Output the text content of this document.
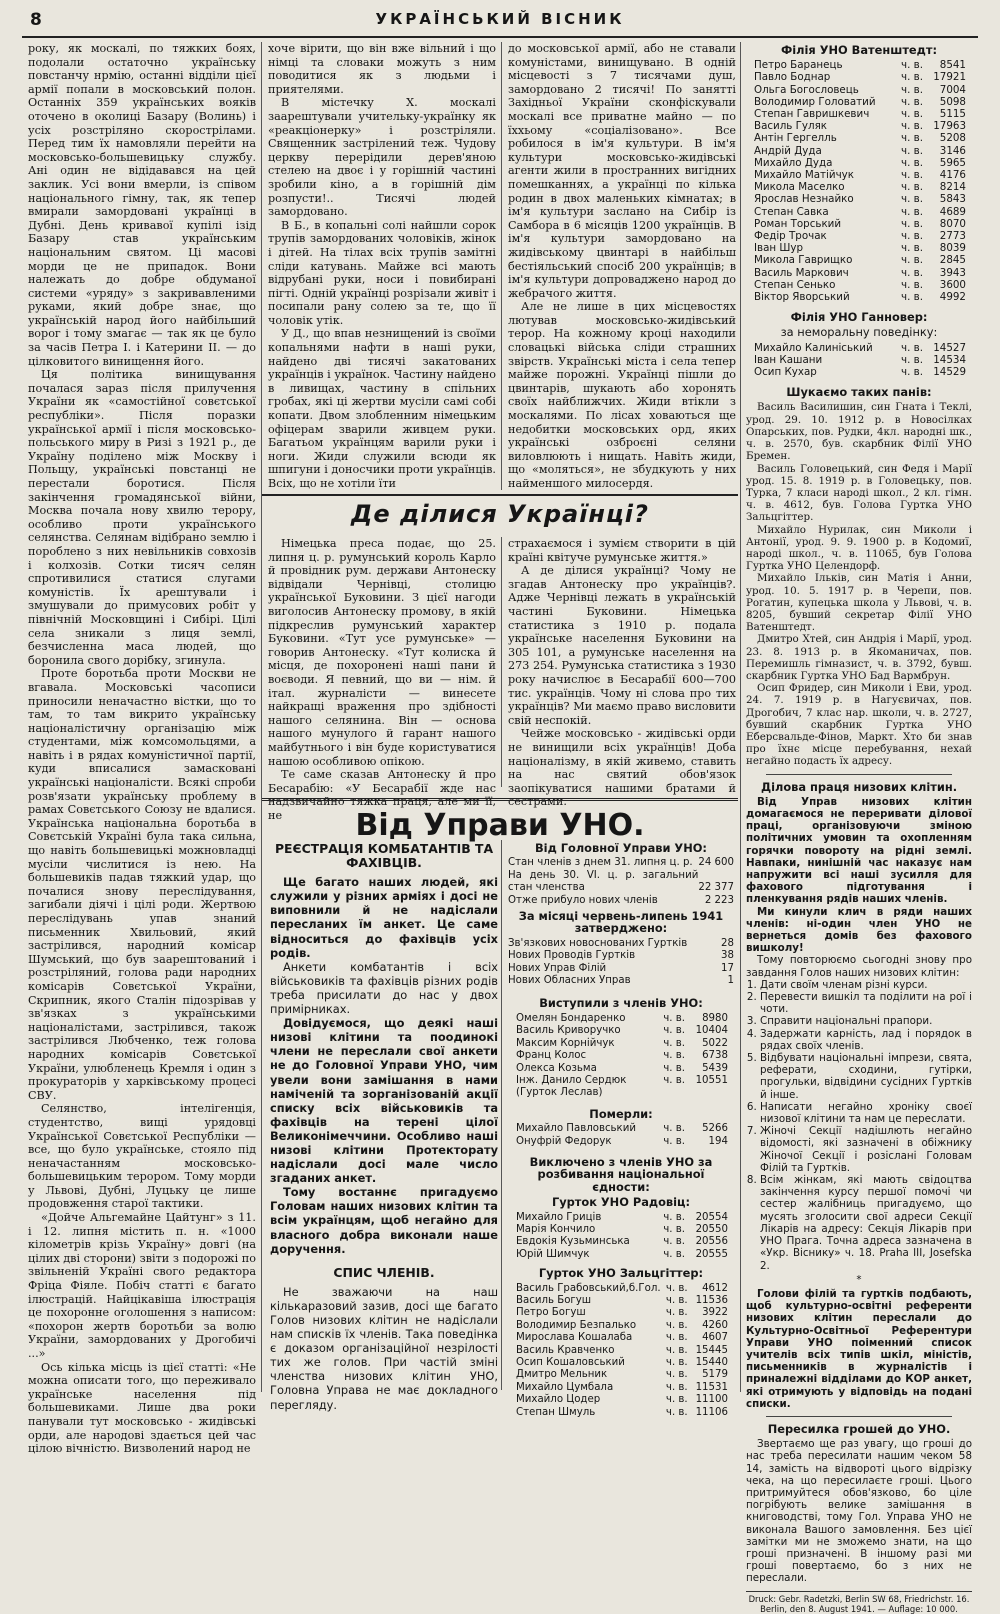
8	УКРАЇНСЬКИЙ ВІСНИК

року, як москалі, по тяжких боях, подолали остаточно українську повстанчу нрмію, останні відділи цієї армії попали в московський полон. Останніх 359 українських вояків оточено в околиці Базару (Волинь) і усіх розстріляно скорострілами. Перед тим їх намовляли перейти на московсько-большевицьку службу. Ані один не відідавався на цей заклик. Усі вони вмерли, із співом національного гімну, так, як тепер вмирали замордовані українці в Дубні. День кривавої купілі ізід Базару став українським національним святом. Ці масові морди це не припадок. Вони належать до добре обдуманої системи «уряду» з закривавленими руками, який добре знає, що українській народ його найбільший ворог і тому змагає — так як це було за часів Петра І. і Катерини II. — до цілковитого винищення його.

Ця політика винищування почалася зараз після прилучення України як «самостійної совєтської республіки». Після поразки української армії і після московсько-польського миру в Ризі з 1921 р., де Україну поділено між Москву і Польщу, українські повстанці не перестали боротися. Після закінчення громадянської війни, Москва почала нову хвилю терору, особливо проти українського селянства. Селянам відібрано землю і пороблено з них невільників совхозів і колхозів. Сотки тисяч селян спротивилися статися слугами комуністів. Їх арештували і змушували до примусових робіт у північній Московщині і Сибірі. Цілі села зникали з лиця землі, безчисленна маса людей, що боронила свого дорібку, згинула.

Проте боротьба проти Москви не вгавала. Московські часописи приносили неначастно вістки, що то там, то там викрито українську націоналістичну організацію між студентами, між комсомольцями, а навіть і в рядах комуністичної партії, куди вписалися замасковані українські націоналісти. Всякі спроби розв'язати українську проблему в рамах Совєтського Союзу не вдалися. Українська національна боротьба в Совєтській Україні була така сильна, що навіть большевицькі можновладці мусіли числитися із нею. На большевиків падав тяжкий удар, що почалися знову переслідування, загибали діячі і цілі роди. Жертвою переслідувань упав знаний письменник Хвильовий, який застрілився, народний комісар Шумський, що був заарештований і розстріляний, голова ради народних комісарів Совєтської України, Скрипник, якого Сталін підозрівав у зв'язках з українськими націоналістами, застрілився, також застрілився Любченко, теж голова народних комісарів Совєтської України, улюбленець Кремля і один з прокураторів у харківському процесі СВУ.

Селянство, інтелігенція, студентство, вищі урядовці Української Совєтської Республіки — все, що було українське, стояло під неначастанням московсько-большевицьким терором. Тому морди у Львові, Дубні, Луцьку це лише продовження старої тактики.

«Дойче Альгемайне Цайтунг» з 11. і 12. липня містить п. н. «1000 кілометрів крізь Україну» довгі (на цілих дві сторони) звіти з подорожі по звільненій Україні свого редактора Фріца Фіяле. Побіч статті є багато ілюстрацій. Найцікавіша ілюстрація це похоронне оголошення з написом: «похорон жертв боротьби за волю України, замордованих у Дрогобичі ...»

Ось кілька місць із цієї статті: «Не можна описати того, що переживало українське населення під большевиками. Лише два роки панували тут московсько - жидівські орди, але народові здається цей час цілою вічністю. Визволений народ не

хоче вірити, що він вже вільний і що німці та словаки можуть з ним поводитися як з людьми і приятелями.

В містечку Х. москалі заарештували учительку-українку як «реакціонерку» і розстріляли. Священник застрілений теж. Чудову церкву перерідили дерев'яною стелею на двоє і у горішній частині зробили кіно, а в горішній дім розпусти!.. Тисячі людей замордовано.

В Б., в копальні солі найшли сорок трупів замордованих чоловіків, жінок і дітей. На тілах всіх трупів замітні сліди катувань. Майже всі мають відрубані руки, носи і повибирані пігті. Одній українці розрізали живіт і посипали рану солею за те, що її чоловік утік.

У Д., що впав незнищений із своїми копальнями нафти в наші руки, найдено дві тисячі закатованих українців і українок. Частину найдено в ливищах, частину в спільних гробах, які ці жертви мусіли самі собі копати. Двом злобленним німецьким офіцерам зварили живцем руки. Багатьом українцям варили руки і ноги. Жиди служили всюди як шпигуни і доносчики проти українців. Всіх, що не хотіли їти

до московської армії, або не ставали комуністами, винищувано. В одній місцевості з 7 тисячами душ, замордовано 2 тисячі! По занятті Західньої України сконфіскували москалі все приватне майно — по їххьому «соціалізовано». Все робилося в ім'я культури. В ім'я культури московсько-жидівські агенти жили в пространних вигідних помешканнях, а українці по кілька родин в двох маленьких кімнатах; в ім'я культури заслано на Сибір із Самбора в 6 місяців 1200 українців. В ім'я культури замордовано на жидівському цвинтарі в найбільш бестіяльський спосіб 200 українців; в ім'я культури допроваджено народ до жебрачого життя.

Але не лише в цих місцевостях лютував московсько-жидівський терор. На кожному кроці находили словацькі війська сліди страшних звірств. Українські міста і села тепер майже порожні. Українці пішли до цвинтарів, шукають або хоронять своїх найближчих. Жиди втікли з москалями. По лісах ховаються ще недобитки московських орд, яких українські озброєні селяни виловлюють і нищать. Навіть жиди, що «моляться», не збудкують у них найменшого милосердя.

Де ділися Українці?

Німецька преса подає, що 25. липня ц. р. румунський король Карло й провідник рум. держави Антонеску відвідали Чернівці, столицю української Буковини. З цієї нагоди виголосив Антонеску промову, в якій підкреслив румунський характер Буковини. «Тут усе румунське» — говорив Антонеску. «Тут колиска й місця, де похоронені наші пани й воєводи. Я певний, що ви — нім. й італ. журналісти — винесете найкращі враження про здібності нашого селянина. Він — основа нашого мунулого й гарант нашого майбутнього і він буде користуватися нашою особливою опікою.

Те саме сказав Антонеску й про Бесарабію: «У Бесарабії жде нас надзвичайно тяжка праця, але ми її, не

страхаємося і зумієм створити в цій країні квітуче румунське життя.»

А де ділися українці? Чому не згадав Антонеску про українців?. Адже Чернівці лежать в українській частині Буковини. Німецька статистика з 1910 р. подала українське населення Буковини на 305 101, а румунське населення на 273 254. Румунська статистика з 1930 року начислює в Бесарабії 600—700 тис. українців. Чому ні слова про тих українців? Ми маємо право висловити свій неспокій.

Чейже московсько - жидівські орди не винищили всіх українців! Доба націоналізму, в якій живемо, ставить на нас святий обов'язок заопікуватися нашими братами й сестрами.

Від Управи УНО.
РЕЄСТРАЦІЯ КОМБАТАНТІВ ТА ФАХІВЦІВ.

Ще багато наших людей, які служили у різних арміях і досі не виповнили й не надіслали пересланих їм анкет. Це саме відноситься до фахівців усіх родів.

Анкети комбатантів і всіх військовиків та фахівців різних родів треба присилати до нас у двох примірниках.

Довідуємося, що деякі наші низові клітини та поодинокі члени не переслали свої анкети не до Головної Управи УНО, чим увели вони замішання в нами наміченій та зорганізованій акції списку всіх військовиків та фахівців на терені цілої Великонімеччини. Особливо наші низові клітини Протекторату надіслали досі мале число згаданих анкет.

Тому востаннє пригадуємо Головам наших низових клітин та всім українцям, щоб негайно для власного добра виконали наше доручення.

СПИС ЧЛЕНІВ.

Не зважаючи на наш кількаразовий зазив, досі ще багато Голов низових клітин не надіслали нам списків їх членів. Така поведінка є доказом організаційної незрілості тих же голов. При частій зміні членства низових клітин УНО, Головна Управа не має докладного перегляду.

Від Головної Управи УНО:
Стан членів з днем 31. липня ц. р.	24 600
На день 30. VI. ц. р. загальний стан членства	22 377
Отже прибуло нових членів	2 223
За місяці червень-липень 1941 затверджено:
Зв'язкових новоснованих Гуртків	28
Нових Проводів Гуртків	38
Нових Управ Філій	17
Нових Обласних Управ	1
Виступили з членів УНО:
Омелян Бондаренко	ч. в.	8980
Василь Криворучко	ч. в.	10404
Максим Корнійчук	ч. в.	5022
Франц Колос	ч. в.	6738
Олекса Козьма	ч. в.	5439
Інж. Данило Сердюк	ч. в.	10551
(Гурток Леслав)		
Померли:
Михайло Павловський	ч. в.	5266
Онуфрій Федорук	ч. в.	194
Виключено з членів УНО за розбивання національної єдности:
Гурток УНО Радовіц:
Михайло Гриців	ч. в.	20554
Марія Кончило	ч. в.	20550
Евдокія Кузьминська	ч. в.	20556
Юрій Шимчук	ч. в.	20555
Гурток УНО Зальцгіттер:
Василь Грабовський,б.Гол.	ч. в.	4612
Василь Богуш	ч. в.	11536
Петро Богуш	ч. в.	3922
Володимир Безпалько	ч. в.	4260
Мирослава Кошалаба	ч. в.	4607
Василь Кравченко	ч. в.	15445
Осип Кошаловський	ч. в.	15440
Дмитро Мельник	ч. в.	5179
Михайло Цумбала	ч. в.	11531
Михайло Цодер	ч. в.	11100
Степан Шмуль	ч. в.	11106
Філія УНО Ватенштедт:
Петро Баранець	ч. в.	8541
Павло Боднар	ч. в.	17921
Ольга Богословець	ч. в.	7004
Володимир Головатий	ч. в.	5098
Степан Гавришкевич	ч. в.	5115
Василь Гуляк	ч. в.	17963
Антін Гергелль	ч. в.	5208
Андрій Дуда	ч. в.	3146
Михайло Дуда	ч. в.	5965
Михайло Матійчук	ч. в.	4176
Микола Маселко	ч. в.	8214
Ярослав Незнайко	ч. в.	5843
Степан Савка	ч. в.	4689
Роман Торський	ч. в.	8070
Федір Трочак	ч. в.	2773
Іван Шур	ч. в.	8039
Микола Гаврищко	ч. в.	2845
Василь Маркович	ч. в.	3943
Степан Сенько	ч. в.	3600
Віктор Яворський	ч. в.	4992
Філія УНО Ганновер:
за неморальну поведінку:
Михайло Калиніський	ч. в.	14527
Іван Кашани	ч. в.	14534
Осип Кухар	ч. в.	14529
Шукаємо таких панів:

Василь Василишин, син Гната і Теклі, урод. 29. 10. 1912 р. в Новосілках Опарських, пов. Рудки, 4кл. народні шк., ч. в. 2570, був. скарбник Філії УНО Бремен.

Василь Головецький, син Федя і Марії урод. 15. 8. 1919 р. в Головецьку, пов. Турка, 7 класи народі школ., 2 кл. гімн. ч. в. 4612, був. Голова Гуртка УНО Зальцгіттер.

Михайло Нурилак, син Миколи і Антонії, урод. 9. 9. 1900 р. в Кодомиї, народі школ., ч. в. 11065, був Голова Гуртка УНО Целендорф.

Михайло Ільків, син Матія і Анни, урод. 10. 5. 1917 р. в Черепи, пов. Рогатин, купецька школа у Львові, ч. в. 8205, бувший секретар Філії УНО Ватенштедт.

Дмитро Хтей, син Андрія і Марії, урод. 23. 8. 1913 р. в Якоманичах, пов. Перемишль гімназист, ч. в. 3792, бувш. скарбник Гуртка УНО Бад Вармбрун.

Осип Фридер, син Миколи і Еви, урод. 24. 7. 1919 р. в Нагуєвичах, пов. Дрогобич, 7 клас нар. школи, ч. в. 2727, бувший скарбник Гуртка УНО Еберсвальде-Фінов, Маркт. Хто би знав про їхнє місце перебування, нехай негайно подасть їх адресу.

Ділова праця низових клітин.

Від Управ низових клітин домагаємося не переривати ділової праці, організовуючи зміною політичних умовин та охопленням горячки повороту на рідні землі. Навпаки, нинішній час наказує нам напружити всі наші зусилля для фахового підготування і пленкування рядів наших членів.

Ми кинули клич в ряди наших членів: ні-один член УНО не вернеться домів без фахового вишколу!

Тому повторюємо сьогодні знову про завдання Голов наших низових клітин:

1. Дати своїм членам різні курси.
2. Перевести вишкіл та поділити на рої і чоти.
3. Справити національні прапори.
4. Задержати карність, лад і порядок в рядах своїх членів.
5. Відбувати національні імпрези, свята, реферати, сходини, гутірки, прогульки, відвідини сусідних Гуртків й інше.
6. Написати негайно хроніку своєї низової клітини та нам це переслати.
7. Жіночі Секції надішлють негайно відомості, які зазначені в обіжнику Жіночої Секції і розіслані Головам Філій та Гуртків.
8. Всім жінкам, які мають свідоцтва закінчення курсу першої помочі чи сестер жалібниць пригадуємо, що мусять зголосити свої адреси Секції Лікарів на адресу: Секція Лікарів при УНО Прага. Точна адреса зазначена в «Укр. Віснику» ч. 18. Praha III, Josefska 2.
*

Голови філій та гуртків подбають, щоб культурно-освітні референти низових клітин переслали до Культурно-Освітньої Референтури Управи УНО поіменний список учителів всіх типів шкіл, міністів, письменників в журналістів і приналежні відділами до КОР анкет, які отримують у відповідь на подані списки.

Пересилка грошей до УНО.

Звертаємо ще раз увагу, що гроші до нас треба пересилати нашим чеком 58 14, замість на відвороті цього відрізку чека, на що пересилаєте гроші. Цього притримуйтеся обов'язково, бо ціле погрібують велике замішання в книговодстві, тому Гол. Управа УНО не виконала Вашого замовлення. Без цієї замітки ми не зможемо знати, на що гроші призначені. В іншому разі ми гроші повертаємо, бо з них не переслали.

Druck: Gebr. Radetzki, Berlin SW 68, Friedrichstr. 16. Berlin, den 8. August 1941. — Auflage: 10 000.
